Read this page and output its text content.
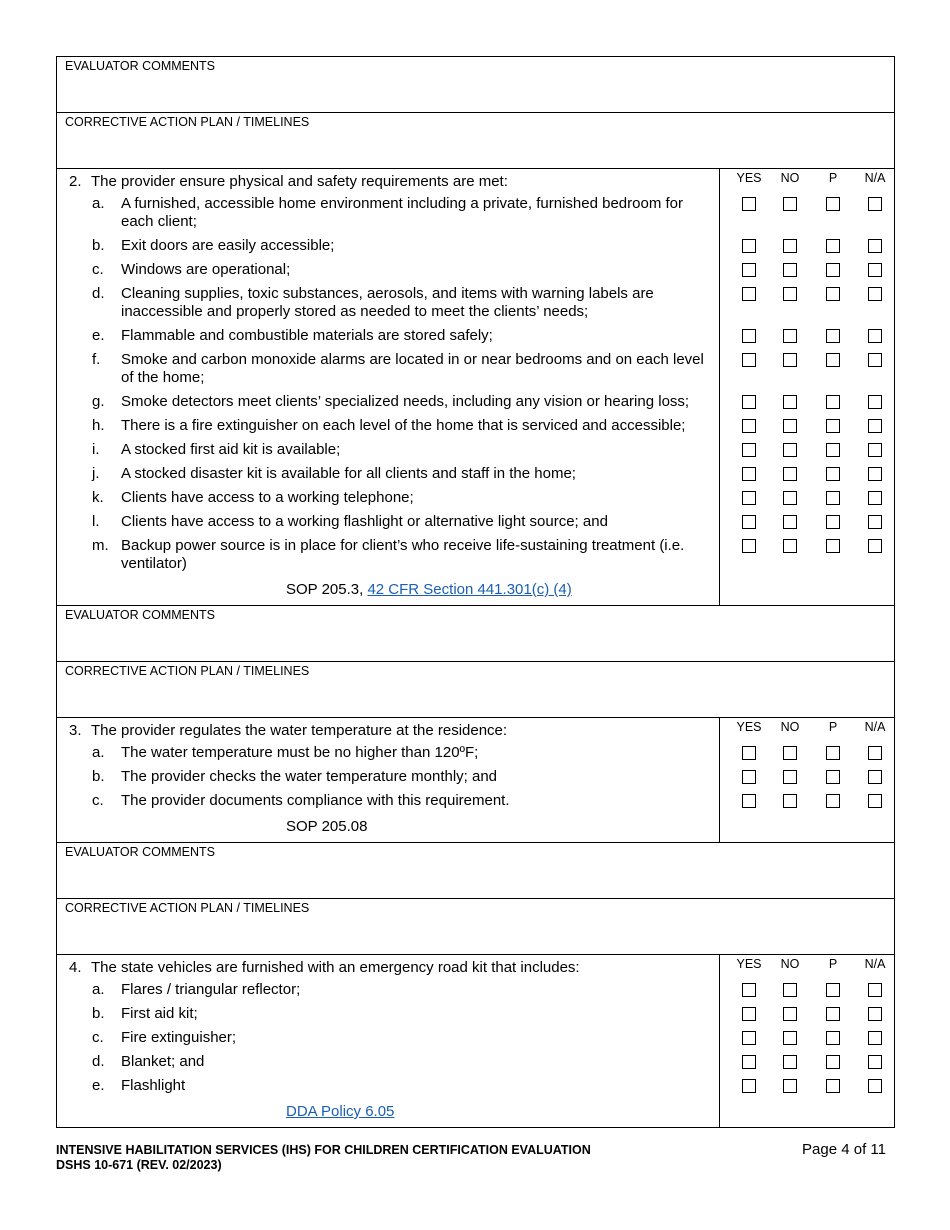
EVALUATOR COMMENTS
CORRECTIVE ACTION PLAN / TIMELINES
2. The provider ensure physical and safety requirements are met:
a.	A furnished, accessible home environment including a private, furnished bedroom for each client;
b.	Exit doors are easily accessible;
c.	Windows are operational;
d.	Cleaning supplies, toxic substances, aerosols, and items with warning labels are inaccessible and properly stored as needed to meet the clients’ needs;
e.	Flammable and combustible materials are stored safely;
f.	Smoke and carbon monoxide alarms are located in or near bedrooms and on each level of the home;
g.	Smoke detectors meet clients’ specialized needs, including any vision or hearing loss;
h.	There is a fire extinguisher on each level of the home that is serviced and accessible;
i.	A stocked first aid kit is available;
j.	A stocked disaster kit is available for all clients and staff in the home;
k.	Clients have access to a working telephone;
l.	Clients have access to a working flashlight or alternative light source; and
m. Backup power source is in place for client’s who receive life-sustaining treatment (i.e. ventilator)
SOP 205.3, 42 CFR Section 441.301(c) (4)
YES NO P N/A
EVALUATOR COMMENTS
CORRECTIVE ACTION PLAN / TIMELINES
3. The provider regulates the water temperature at the residence:
a.	The water temperature must be no higher than 120ºF;
b.	The provider checks the water temperature monthly; and
c.	The provider documents compliance with this requirement.
SOP 205.08
YES NO P N/A
EVALUATOR COMMENTS
CORRECTIVE ACTION PLAN / TIMELINES
4. The state vehicles are furnished with an emergency road kit that includes:
a.	Flares / triangular reflector;
b.	First aid kit;
c.	Fire extinguisher;
d.	Blanket; and
e.	Flashlight
DDA Policy 6.05
YES NO P N/A
INTENSIVE HABILITATION SERVICES (IHS) FOR CHILDREN CERTIFICATION EVALUATION
DSHS 10-671 (REV. 02/2023)
Page 4 of 11
